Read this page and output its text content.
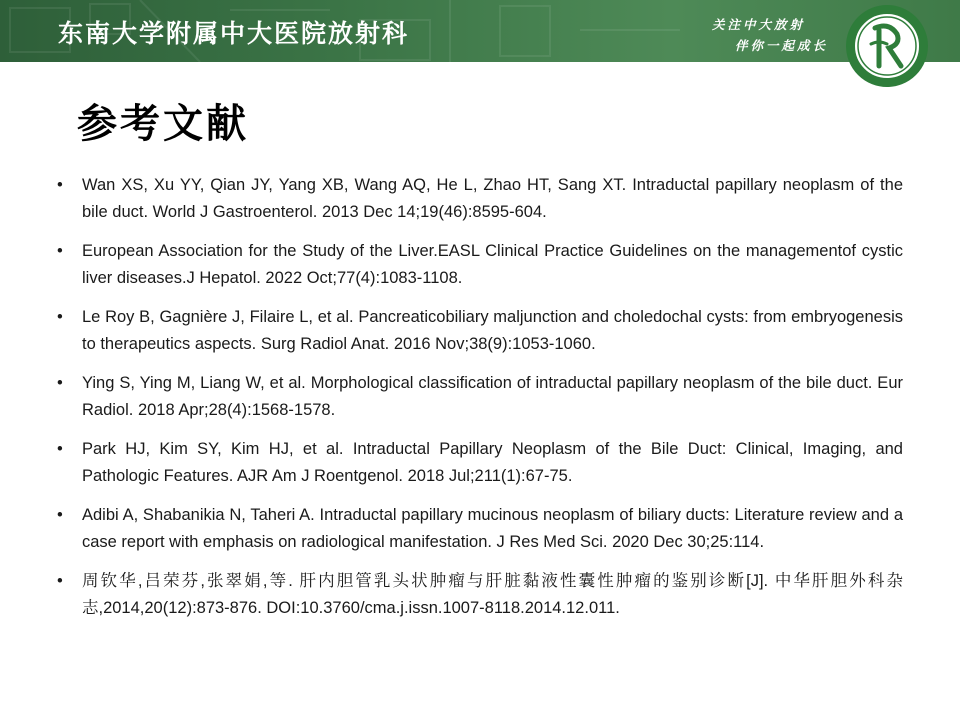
东南大学附属中大医院放射科	关注中大放射
伴你一起成长
参考文献
•	Wan XS, Xu YY, Qian JY, Yang XB, Wang AQ, He L, Zhao HT, Sang XT. Intraductal papillary neoplasm of the bile duct. World J Gastroenterol. 2013 Dec 14;19(46):8595-604.
•	European Association for the Study of the Liver.EASL Clinical Practice Guidelines on the managementof cystic liver diseases.J Hepatol. 2022 Oct;77(4):1083-1108.
•	Le Roy B, Gagnière J, Filaire L, et al. Pancreaticobiliary maljunction and choledochal cysts: from embryogenesis to therapeutics aspects. Surg Radiol Anat. 2016 Nov;38(9):1053-1060.
•	Ying S, Ying M, Liang W, et al. Morphological classification of intraductal papillary neoplasm of the bile duct. Eur Radiol. 2018 Apr;28(4):1568-1578.
•	Park HJ, Kim SY, Kim HJ, et al. Intraductal Papillary Neoplasm of the Bile Duct: Clinical, Imaging, and Pathologic Features. AJR Am J Roentgenol. 2018 Jul;211(1):67-75.
•	Adibi A, Shabanikia N, Taheri A. Intraductal papillary mucinous neoplasm of biliary ducts: Literature review and a case report with emphasis on radiological manifestation. J Res Med Sci. 2020 Dec 30;25:114.
•	周钦华,吕荣芬,张翠娟,等. 肝内胆管乳头状肿瘤与肝脏黏液性囊性肿瘤的鉴别诊断[J]. 中华肝胆外科杂志,2014,20(12):873-876. DOI:10.3760/cma.j.issn.1007-8118.2014.12.011.
